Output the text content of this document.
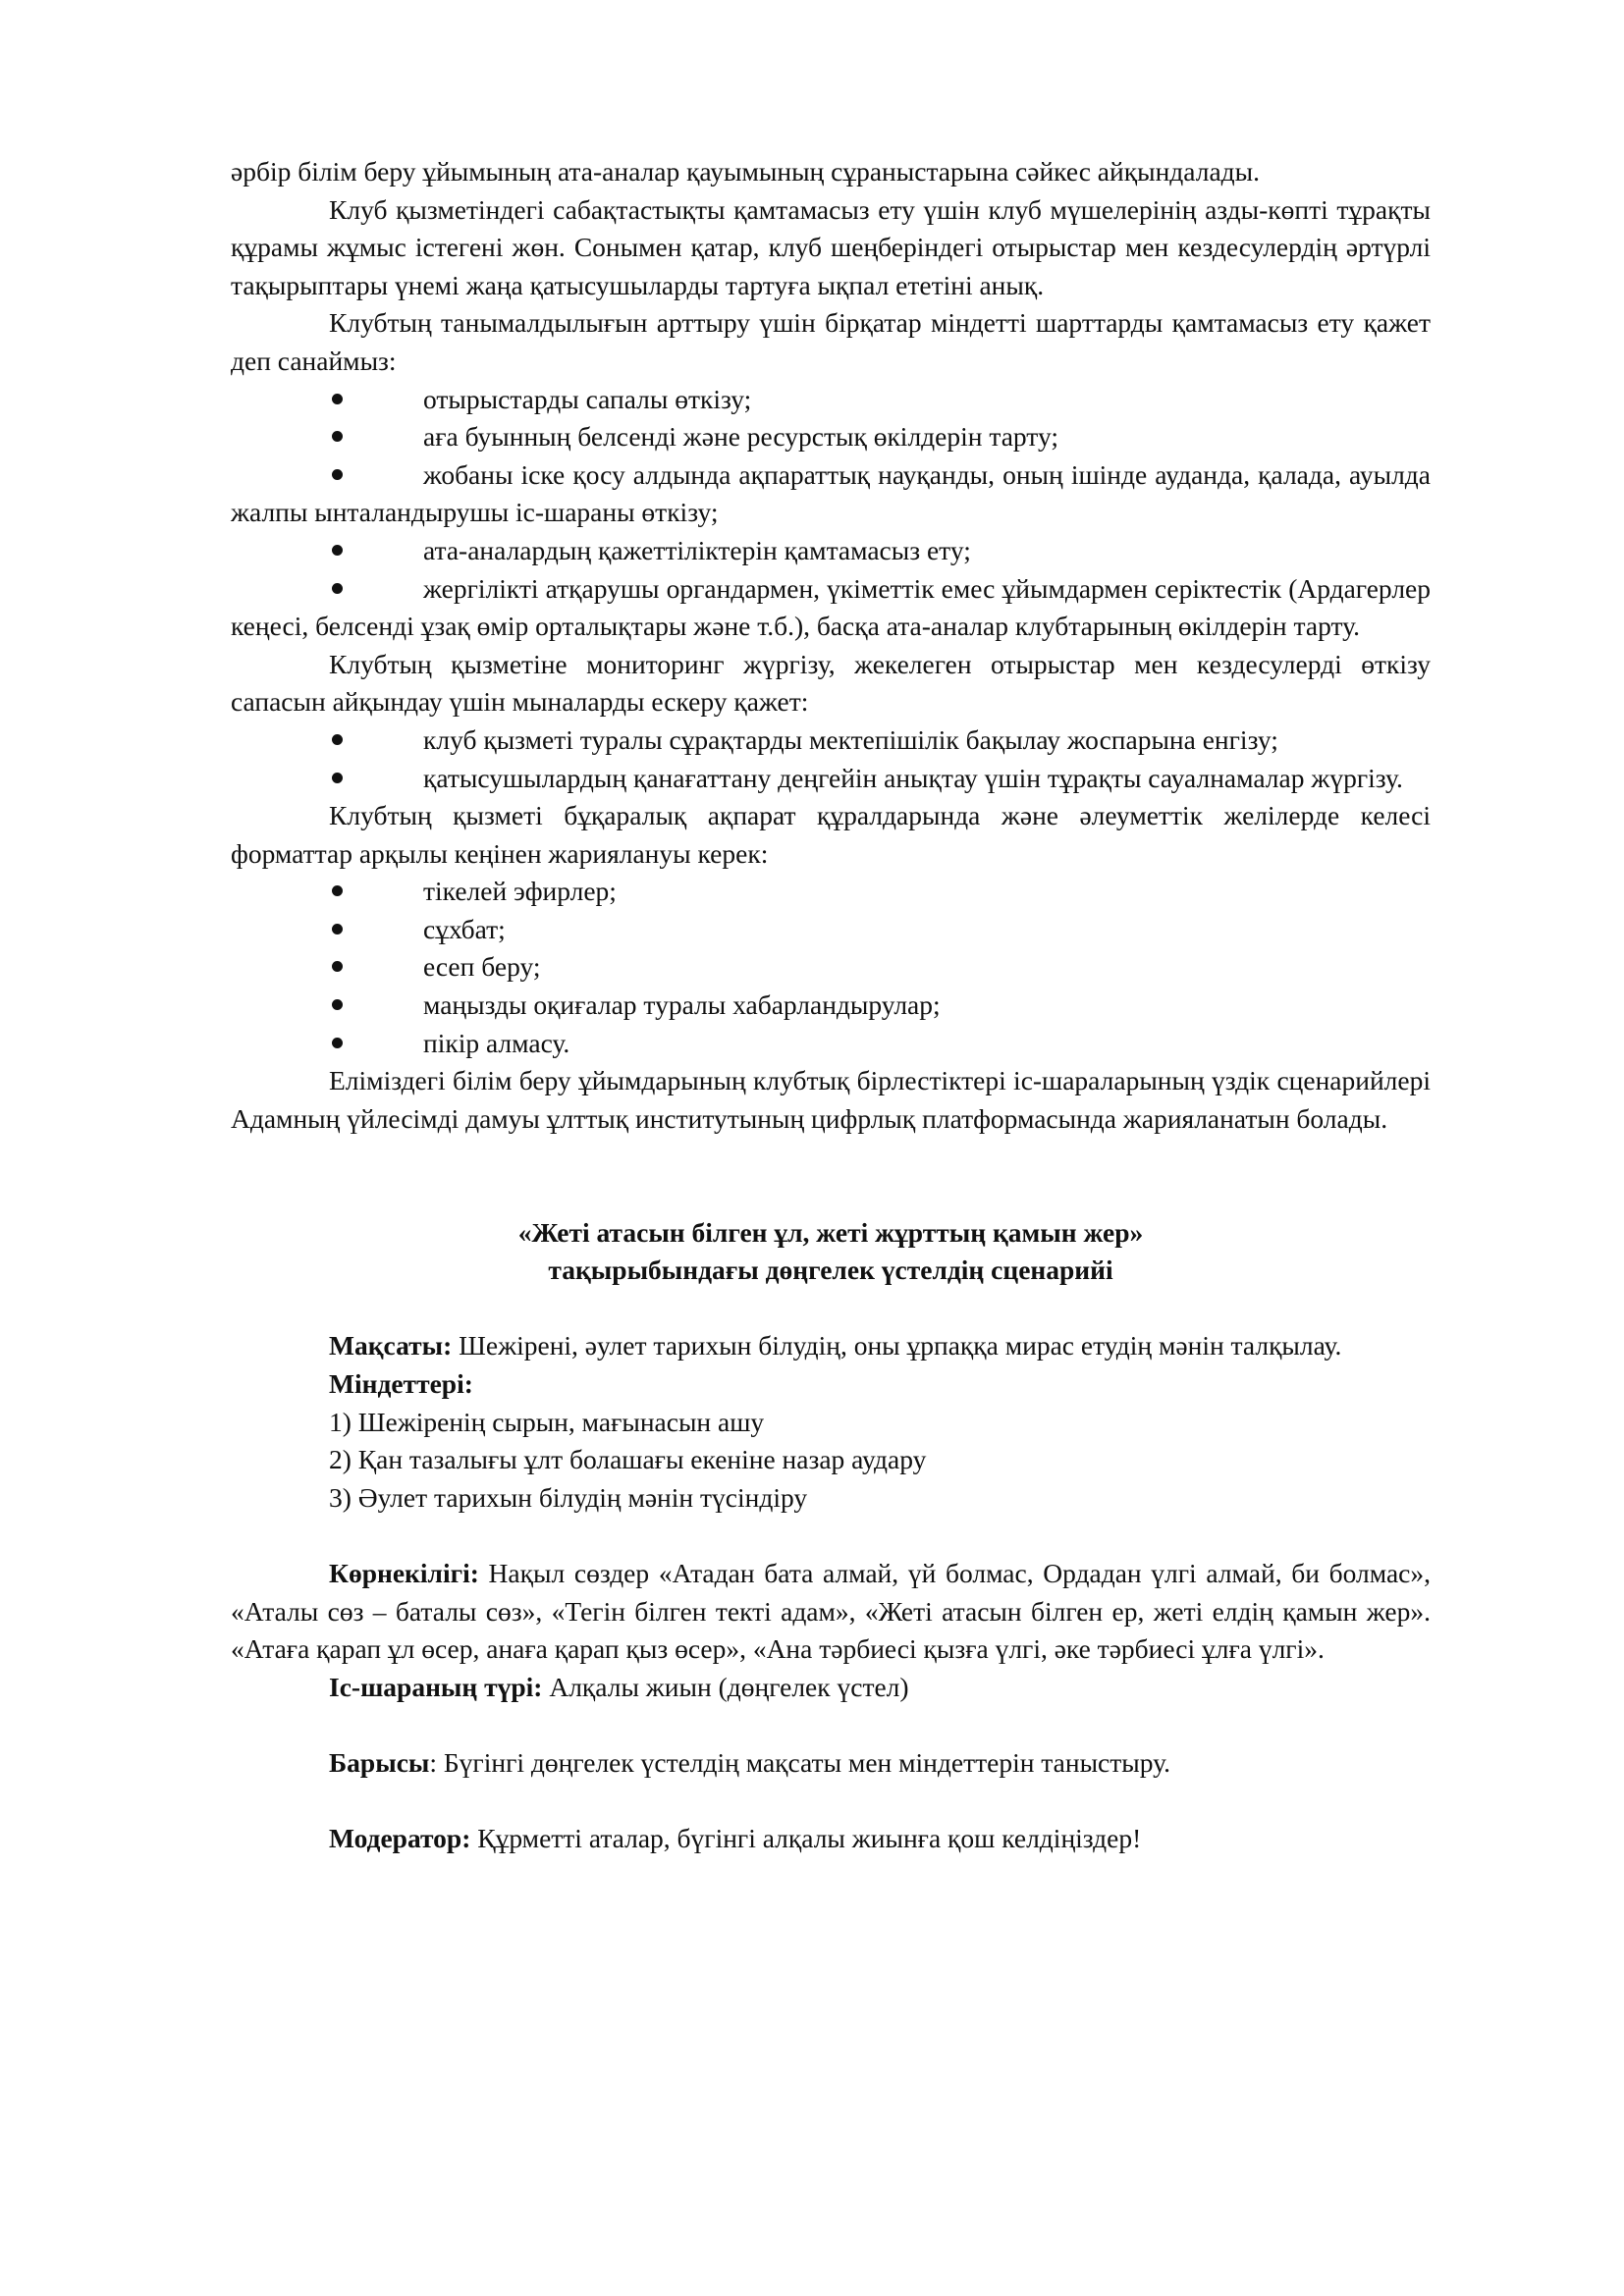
әрбір білім беру ұйымының ата-аналар қауымының сұраныстарына сәйкес айқындалады.

Клуб қызметіндегі сабақтастықты қамтамасыз ету үшін клуб мүшелерінің азды-көпті тұрақты құрамы жұмыс істегені жөн. Сонымен қатар, клуб шеңберіндегі отырыстар мен кездесулердің әртүрлі тақырыптары үнемі жаңа қатысушыларды тартуға ықпал ететіні анық.

Клубтың танымалдылығын арттыру үшін бірқатар міндетті шарттарды қамтамасыз ету қажет деп санаймыз:

отырыстарды сапалы өткізу;

аға буынның белсенді және ресурстық өкілдерін тарту;

жобаны іске қосу алдында ақпараттық науқанды, оның ішінде ауданда, қалада, ауылда жалпы ынталандырушы іс-шараны өткізу;

ата-аналардың қажеттіліктерін қамтамасыз ету;

жергілікті атқарушы органдармен, үкіметтік емес ұйымдармен серіктестік (Ардагерлер кеңесі, белсенді ұзақ өмір орталықтары және т.б.), басқа ата-аналар клубтарының өкілдерін тарту.

Клубтың қызметіне мониторинг жүргізу, жекелеген отырыстар мен кездесулерді өткізу сапасын айқындау үшін мыналарды ескеру қажет:

клуб қызметі туралы сұрақтарды мектепішілік бақылау жоспарына енгізу;

қатысушылардың қанағаттану деңгейін анықтау үшін тұрақты сауалнамалар жүргізу.

Клубтың қызметі бұқаралық ақпарат құралдарында және әлеуметтік желілерде келесі форматтар арқылы кеңінен жариялануы керек:

тікелей эфирлер;

сұхбат;

есеп беру;

маңызды оқиғалар туралы хабарландырулар;

пікір алмасу.

Еліміздегі білім беру ұйымдарының клубтық бірлестіктері іс-шараларының үздік сценарийлері Адамның үйлесімді дамуы ұлттық институтының цифрлық платформасында жарияланатын болады.

«Жеті атасын білген ұл, жеті жұрттың қамын жер»

тақырыбындағы дөңгелек үстелдің сценарийі

Мақсаты: Шежірені, әулет тарихын білудің, оны ұрпаққа мирас етудің мәнін талқылау.

Міндеттері:

1) Шежіренің сырын, мағынасын ашу

2) Қан тазалығы ұлт болашағы екеніне назар аудару

3) Әулет тарихын білудің мәнін түсіндіру

Көрнекілігі: Нақыл сөздер «Атадан бата алмай, үй болмас, Ордадан үлгі алмай, би болмас», «Аталы сөз – баталы сөз», «Тегін білген текті адам», «Жеті атасын білген ер, жеті елдің қамын жер». «Атаға қарап ұл өсер, анаға қарап қыз өсер», «Ана тәрбиесі қызға үлгі, әке тәрбиесі ұлға үлгі».

Іс-шараның түрі: Алқалы жиын (дөңгелек үстел)

Барысы: Бүгінгі дөңгелек үстелдің мақсаты мен міндеттерін таныстыру.

Модератор: Құрметті аталар, бүгінгі алқалы жиынға қош келдіңіздер!
